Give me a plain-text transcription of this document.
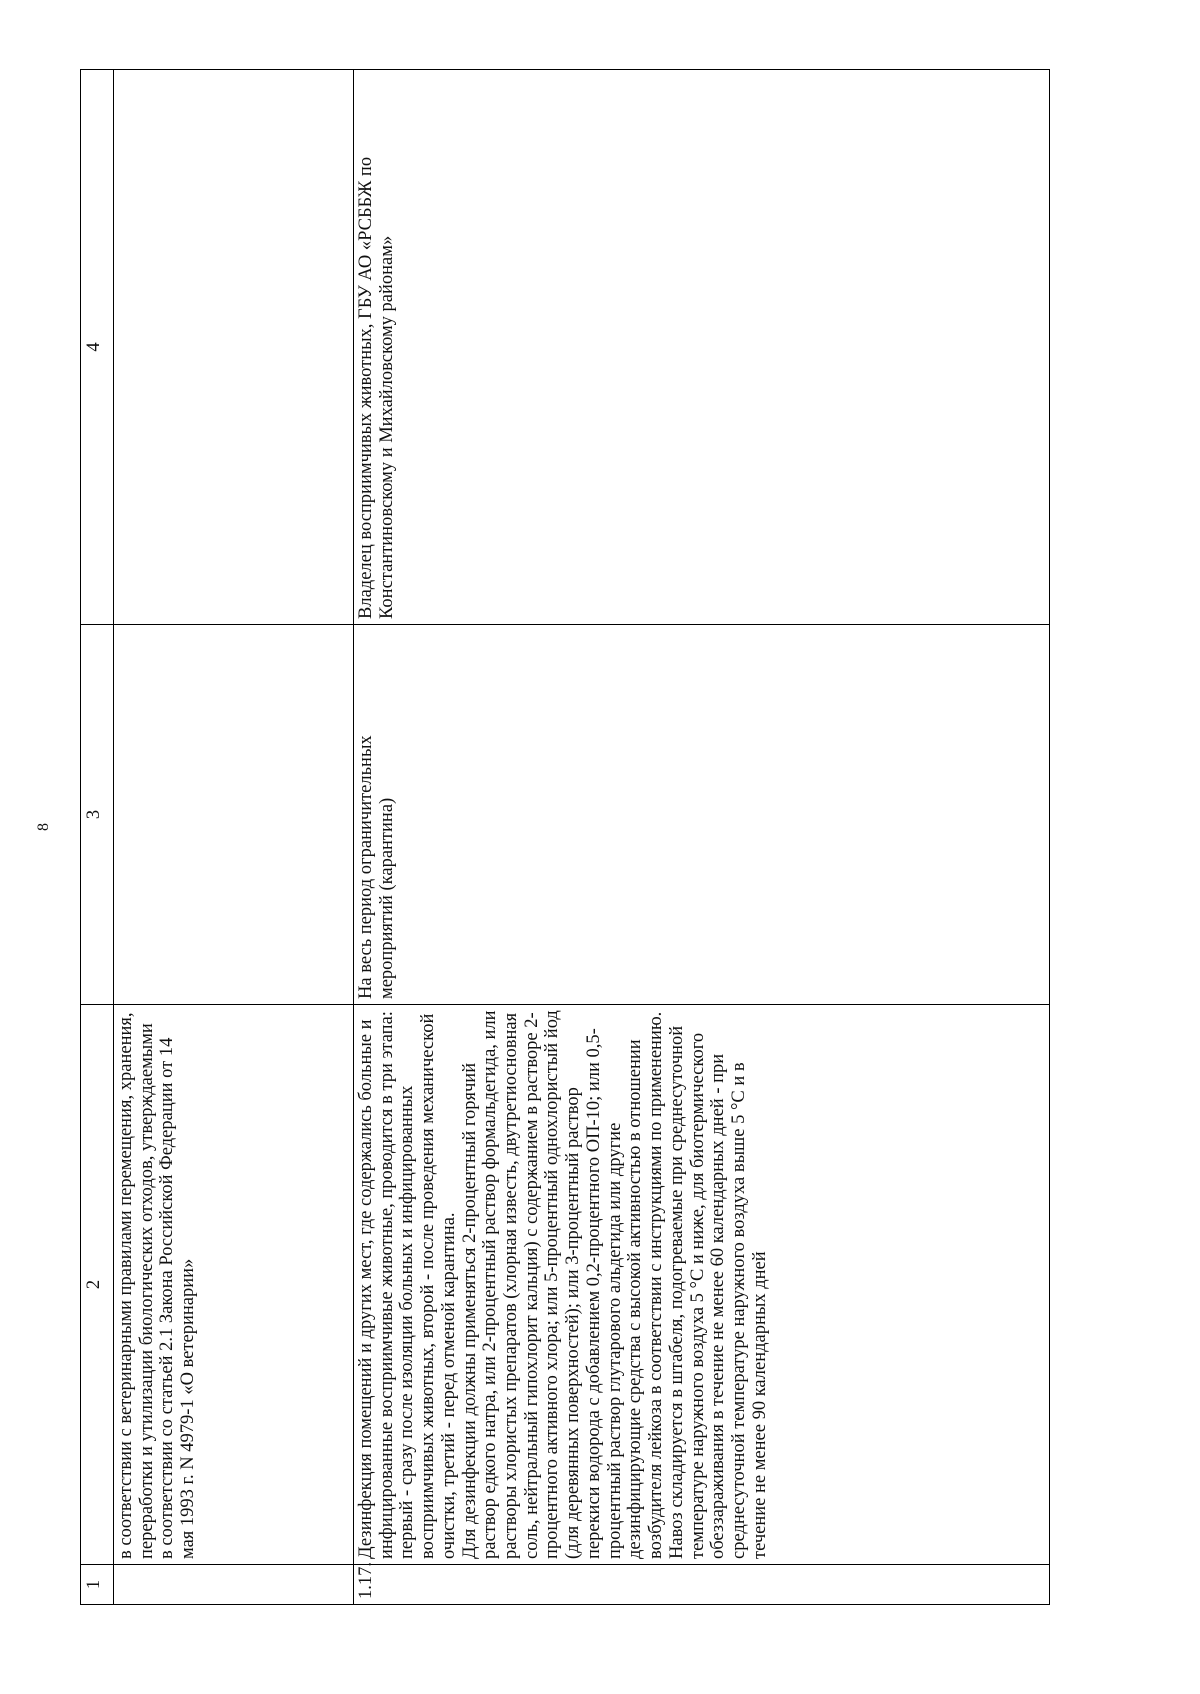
8
1	2	3	4
	в соответствии с ветеринарными правилами перемещения, хранения, переработки и утилизации биологических отходов, утверждаемыми в соответствии со статьей 2.1 Закона Российской Федерации от 14 мая 1993 г. N 4979-1 «О ветеринарии»		
1.17.	Дезинфекция помещений и других мест, где содержались больные и инфицированные восприимчивые животные, проводится в три этапа: первый - сразу после изоляции больных и инфицированных восприимчивых животных, второй - после проведения механической очистки, третий - перед отменой карантина.
Для дезинфекции должны применяться 2-процентный горячий раствор едкого натра, или 2-процентный раствор формальдегида, или растворы хлористых препаратов (хлорная известь, двутретиосновная соль, нейтральный гипохлорит кальция) с содержанием в растворе 2-процентного активного хлора; или 5-процентный однохлористый йод (для деревянных поверхностей); или 3-процентный раствор перекиси водорода с добавлением 0,2-процентного ОП-10; или 0,5-процентный раствор глутарового альдегида или другие дезинфицирующие средства с высокой активностью в отношении возбудителя лейкоза в соответствии с инструкциями по применению.
Навоз складируется в штабеля, подогреваемые при среднесуточной температуре наружного воздуха 5 °С и ниже, для биотермического обеззараживания в течение не менее 60 календарных дней - при среднесуточной температуре наружного воздуха выше 5 °С и в течение не менее 90 календарных дней	На весь период ограничительных мероприятий (карантина)	Владелец восприимчивых животных, ГБУ АО «РСББЖ по Константиновскому и Михайловскому районам»
